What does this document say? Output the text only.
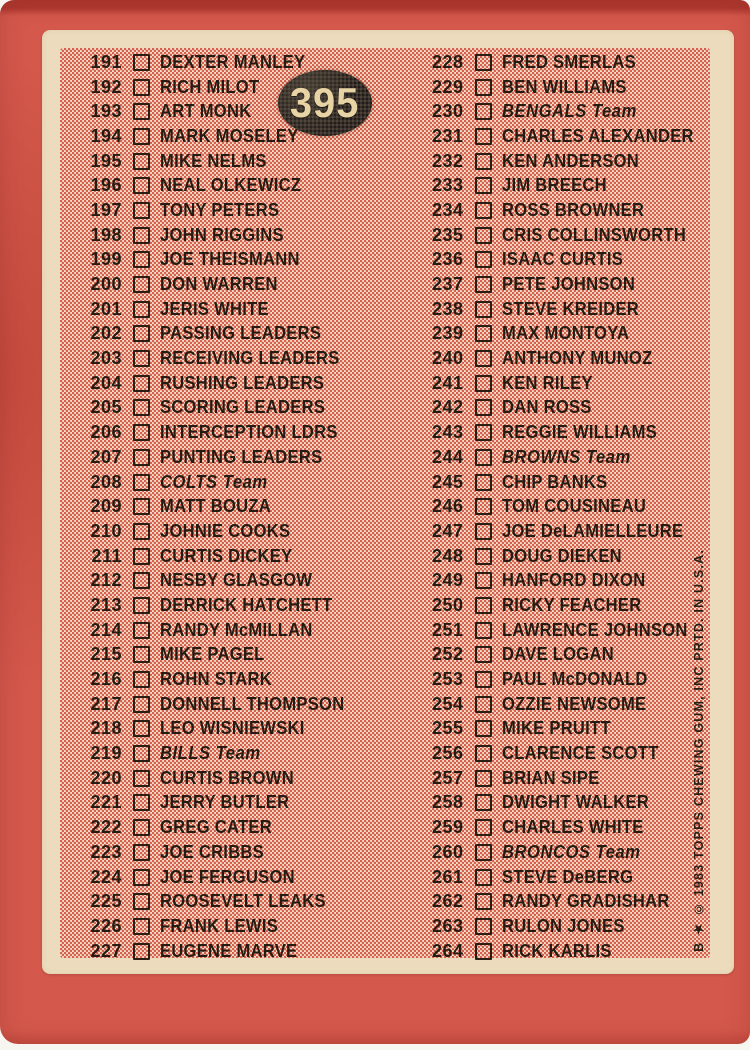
191 DEXTER MANLEY
192 RICH MILOT
193 ART MONK
194 MARK MOSELEY
195 MIKE NELMS
196 NEAL OLKEWICZ
197 TONY PETERS
198 JOHN RIGGINS
199 JOE THEISMANN
200 DON WARREN
201 JERIS WHITE
202 PASSING LEADERS
203 RECEIVING LEADERS
204 RUSHING LEADERS
205 SCORING LEADERS
206 INTERCEPTION LDRS
207 PUNTING LEADERS
208 COLTS Team
209 MATT BOUZA
210 JOHNIE COOKS
211 CURTIS DICKEY
212 NESBY GLASGOW
213 DERRICK HATCHETT
214 RANDY McMILLAN
215 MIKE PAGEL
216 ROHN STARK
217 DONNELL THOMPSON
218 LEO WISNIEWSKI
219 BILLS Team
220 CURTIS BROWN
221 JERRY BUTLER
222 GREG CATER
223 JOE CRIBBS
224 JOE FERGUSON
225 ROOSEVELT LEAKS
226 FRANK LEWIS
227 EUGENE MARVE
228 FRED SMERLAS
229 BEN WILLIAMS
230 BENGALS Team
231 CHARLES ALEXANDER
232 KEN ANDERSON
233 JIM BREECH
234 ROSS BROWNER
235 CRIS COLLINSWORTH
236 ISAAC CURTIS
237 PETE JOHNSON
238 STEVE KREIDER
239 MAX MONTOYA
240 ANTHONY MUNOZ
241 KEN RILEY
242 DAN ROSS
243 REGGIE WILLIAMS
244 BROWNS Team
245 CHIP BANKS
246 TOM COUSINEAU
247 JOE DeLAMIELLEURE
248 DOUG DIEKEN
249 HANFORD DIXON
250 RICKY FEACHER
251 LAWRENCE JOHNSON
252 DAVE LOGAN
253 PAUL McDONALD
254 OZZIE NEWSOME
255 MIKE PRUITT
256 CLARENCE SCOTT
257 BRIAN SIPE
258 DWIGHT WALKER
259 CHARLES WHITE
260 BRONCOS Team
261 STEVE DeBERG
262 RANDY GRADISHAR
263 RULON JONES
264 RICK KARLIS
395
B ★ © 1983 TOPPS CHEWING GUM, INC PRTD. IN U.S.A.
